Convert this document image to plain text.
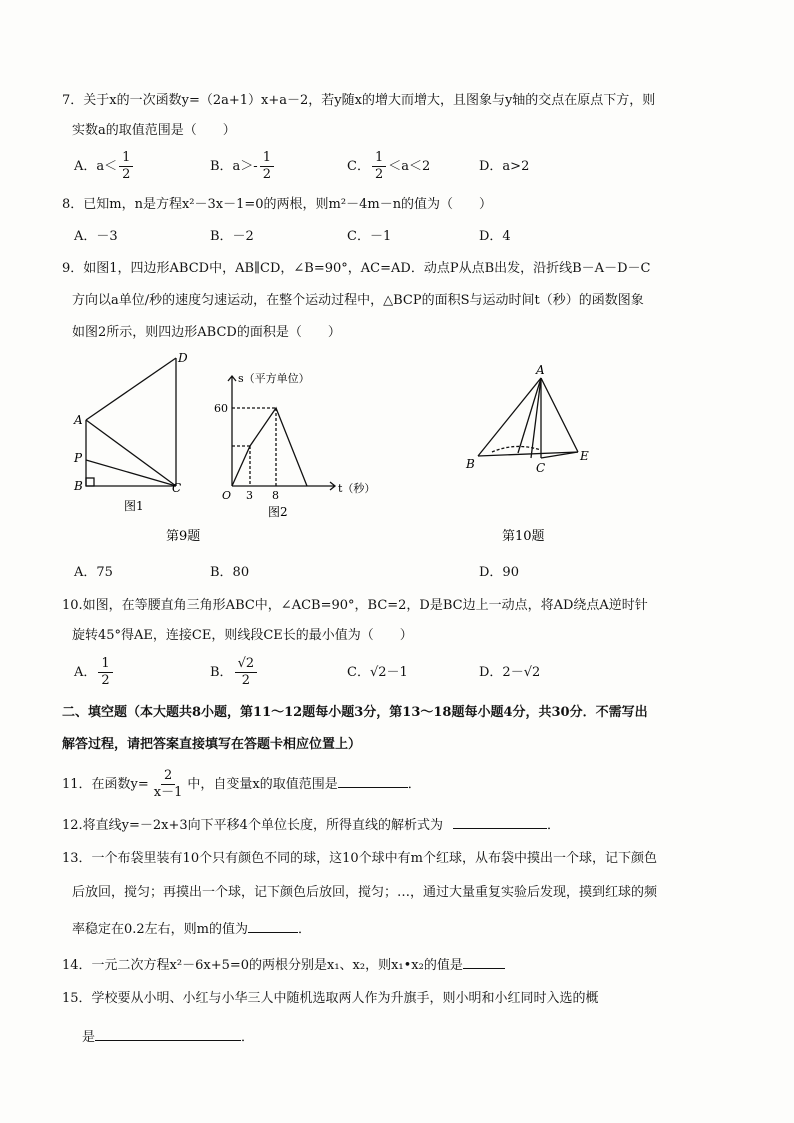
7．关于x的一次函数y=（2a+1）x+a－2，若y随x的增大而增大，且图象与y轴的交点在原点下方，则
实数a的取值范围是（　　）
A．$a< \frac{1}{2}$	B．$a>- \frac{1}{2}$	C． $\frac{1}{2} <a<2$	D．a>2
8．已知m，n是方程x²－3x－1=0的两根，则m²－4m－n的值为（　　）
A．－3	B．－2	C．－1	D．4
9．如图1，四边形ABCD中，AB∥CD，∠B=90°，AC=AD．动点P从点B出发，沿折线B－A－D－C
方向以a单位/秒的速度匀速运动，在整个运动过程中，△BCP的面积S与运动时间t（秒）的函数图象
如图2所示，则四边形ABCD的面积是（　　）
D
A
P
B	C
图1
s（平方单位）
60
O 3 8
t（秒）
图2
A
B	C
E
第9题	第10题
A．75	B．80	D．90
10.如图，在等腰直角三角形ABC中，∠ACB=90°，BC=2，D是BC边上一动点，将AD绕点A逆时针
旋转45°得AE，连接CE，则线段CE长的最小值为（　　）
A． $\frac{1}{2}$	B． $\frac{√2}{2}$	C．√2－1	D．2－√2
二、填空题（本大题共8小题，第11～12题每小题3分，第13～18题每小题4分，共30分．不需写出
解答过程，请把答案直接填写在答题卡相应位置上）
11．在函数$y= \frac{2}{x-1}$ 中，自变量x的取值范围是	．
12.将直线y=－2x+3向下平移4个单位长度，所得直线的解析式为	．
13．一个布袋里装有10个只有颜色不同的球，这10个球中有m个红球，从布袋中摸出一个球，记下颜色
后放回，搅匀；再摸出一个球，记下颜色后放回，搅匀；…，通过大量重复实验后发现，摸到红球的频
率稳定在0.2左右，则m的值为	．
14．一元二次方程x²－6x+5=0的两根分别是x₁、x₂，则x₁•x₂的值是
15．学校要从小明、小红与小华三人中随机选取两人作为升旗手，则小明和小红同时入选的概
是	．
